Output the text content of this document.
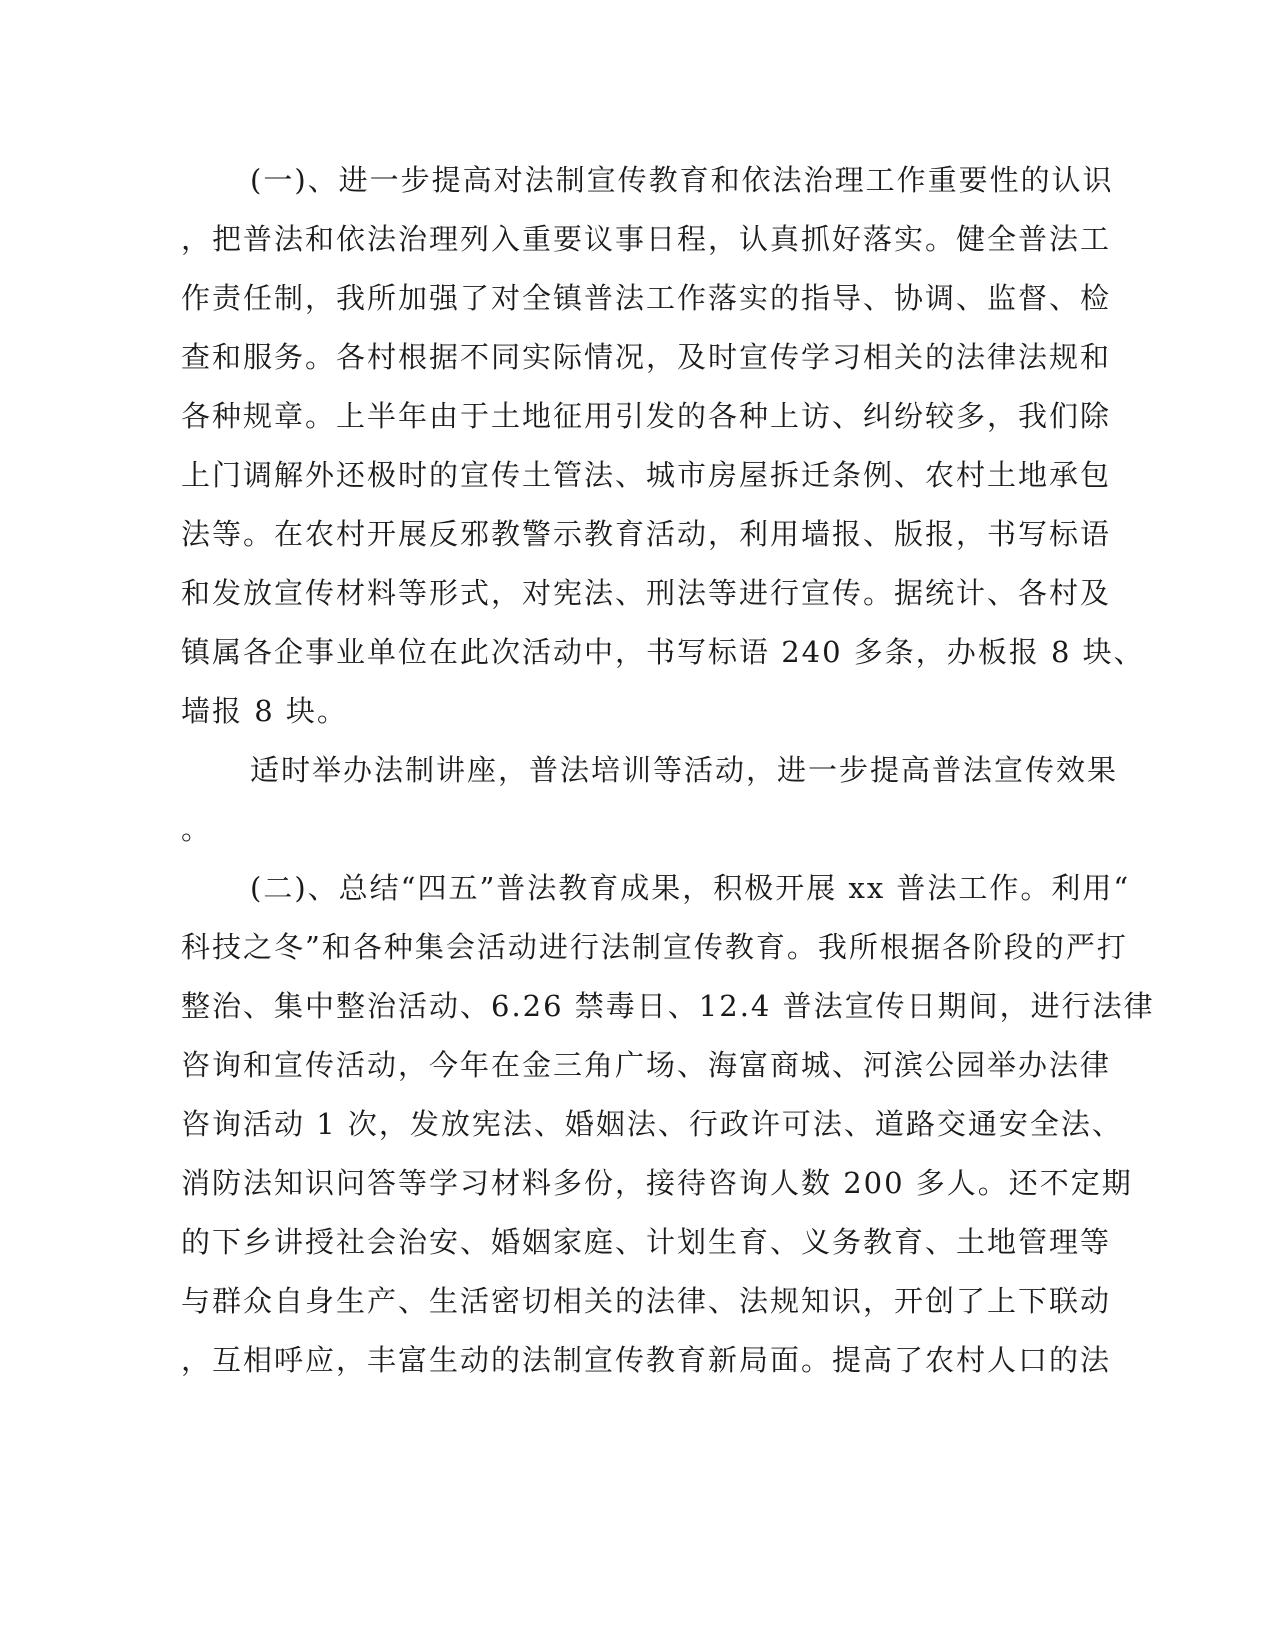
(一)、进一步提高对法制宣传教育和依法治理工作重要性的认识
，把普法和依法治理列入重要议事日程，认真抓好落实。健全普法工
作责任制，我所加强了对全镇普法工作落实的指导、协调、监督、检
查和服务。各村根据不同实际情况，及时宣传学习相关的法律法规和
各种规章。上半年由于土地征用引发的各种上访、纠纷较多，我们除
上门调解外还极时的宣传土管法、城市房屋拆迁条例、农村土地承包
法等。在农村开展反邪教警示教育活动，利用墙报、版报，书写标语
和发放宣传材料等形式，对宪法、刑法等进行宣传。据统计、各村及
镇属各企事业单位在此次活动中，书写标语 240 多条，办板报 8 块、
墙报 8 块。
适时举办法制讲座，普法培训等活动，进一步提高普法宣传效果
。
(二)、总结“四五”普法教育成果，积极开展 xx 普法工作。利用“
科技之冬”和各种集会活动进行法制宣传教育。我所根据各阶段的严打
整治、集中整治活动、6.26 禁毒日、12.4 普法宣传日期间，进行法律
咨询和宣传活动，今年在金三角广场、海富商城、河滨公园举办法律
咨询活动 1 次，发放宪法、婚姻法、行政许可法、道路交通安全法、
消防法知识问答等学习材料多份，接待咨询人数 200 多人。还不定期
的下乡讲授社会治安、婚姻家庭、计划生育、义务教育、土地管理等
与群众自身生产、生活密切相关的法律、法规知识，开创了上下联动
，互相呼应，丰富生动的法制宣传教育新局面。提高了农村人口的法
